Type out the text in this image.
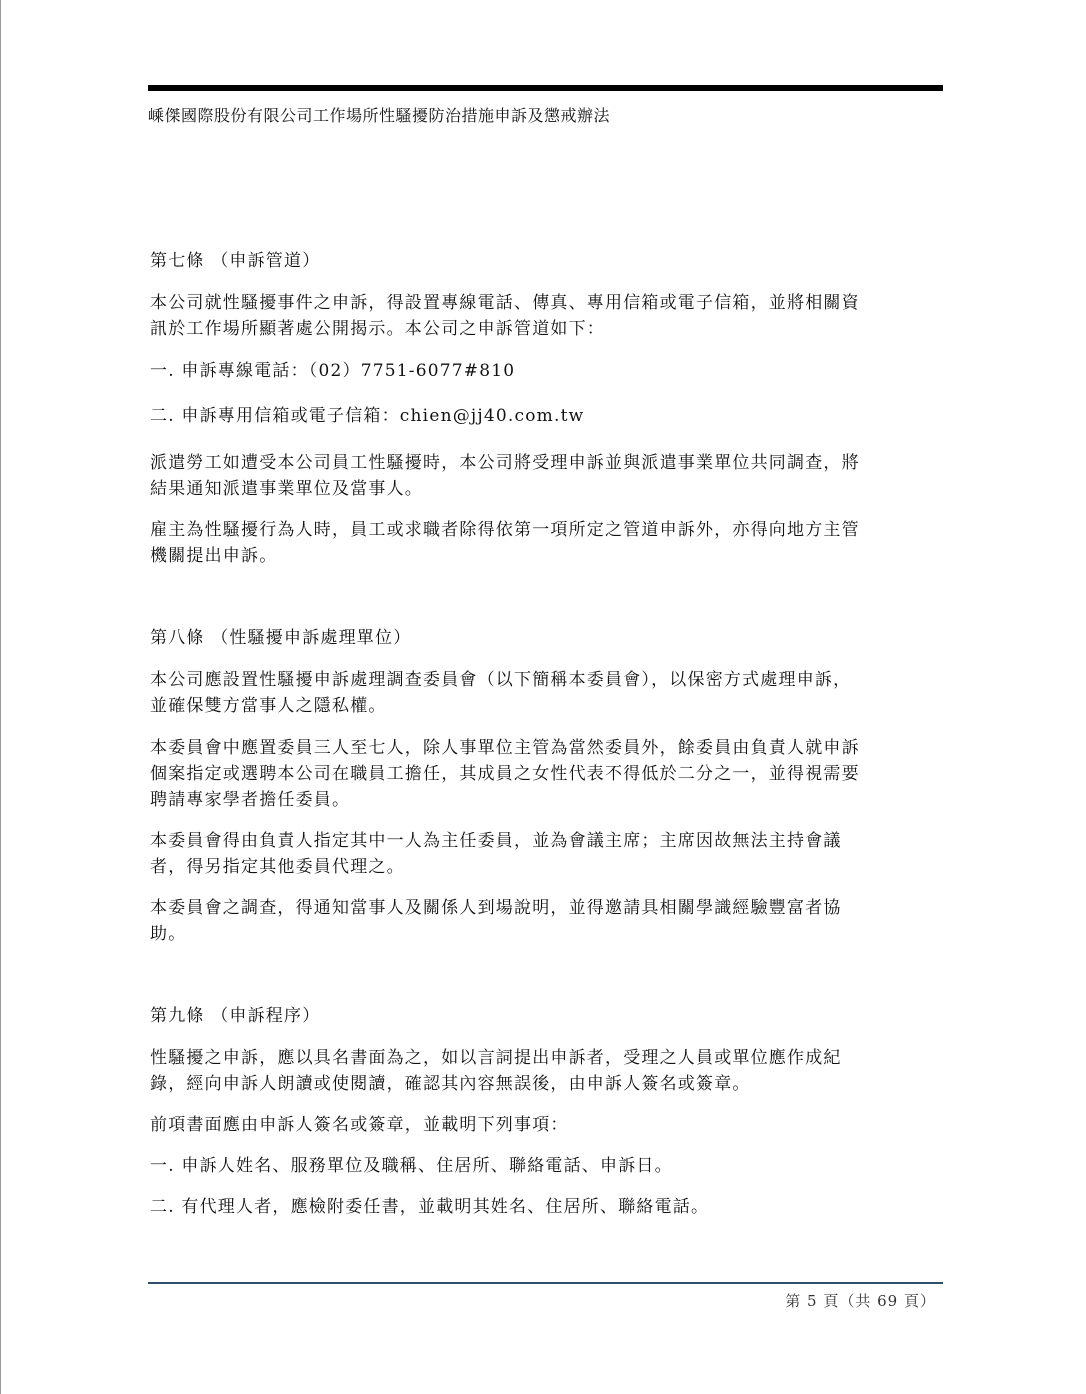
嵊傑國際股份有限公司工作場所性騷擾防治措施申訴及懲戒辦法
第七條 （申訴管道）
本公司就性騷擾事件之申訴，得設置專線電話、傳真、專用信箱或電子信箱，並將相關資
訊於工作場所顯著處公開揭示。本公司之申訴管道如下：
一. 申訴專線電話：（02）7751-6077#810
二. 申訴專用信箱或電子信箱：chien@jj40.com.tw
派遣勞工如遭受本公司員工性騷擾時，本公司將受理申訴並與派遣事業單位共同調查，將
結果通知派遣事業單位及當事人。
雇主為性騷擾行為人時，員工或求職者除得依第一項所定之管道申訴外，亦得向地方主管
機關提出申訴。
第八條 （性騷擾申訴處理單位）
本公司應設置性騷擾申訴處理調查委員會（以下簡稱本委員會），以保密方式處理申訴，
並確保雙方當事人之隱私權。
本委員會中應置委員三人至七人，除人事單位主管為當然委員外，餘委員由負責人就申訴
個案指定或選聘本公司在職員工擔任，其成員之女性代表不得低於二分之一，並得視需要
聘請專家學者擔任委員。
本委員會得由負責人指定其中一人為主任委員，並為會議主席；主席因故無法主持會議
者，得另指定其他委員代理之。
本委員會之調查，得通知當事人及關係人到場說明，並得邀請具相關學識經驗豐富者協
助。
第九條 （申訴程序）
性騷擾之申訴，應以具名書面為之，如以言詞提出申訴者，受理之人員或單位應作成紀
錄，經向申訴人朗讀或使閱讀，確認其內容無誤後，由申訴人簽名或簽章。
前項書面應由申訴人簽名或簽章，並載明下列事項：
一. 申訴人姓名、服務單位及職稱、住居所、聯絡電話、申訴日。
二. 有代理人者，應檢附委任書，並載明其姓名、住居所、聯絡電話。
第 5 頁（共 69 頁）
